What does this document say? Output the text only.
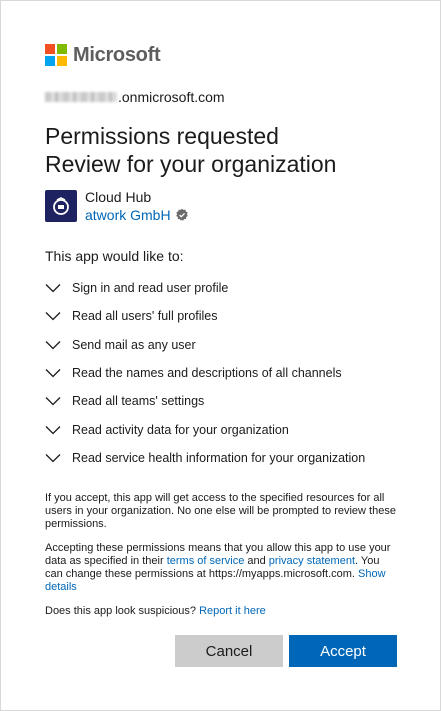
Microsoft
.onmicrosoft.com
Permissions requested
Review for your organization
Cloud Hub
atwork GmbH
This app would like to:
Sign in and read user profile
Read all users' full profiles
Send mail as any user
Read the names and descriptions of all channels
Read all teams' settings
Read activity data for your organization
Read service health information for your organization
If you accept, this app will get access to the specified resources for all users in your organization. No one else will be prompted to review these permissions.
Accepting these permissions means that you allow this app to use your data as specified in their terms of service and privacy statement. You can change these permissions at https://myapps.microsoft.com. Show details
Does this app look suspicious? Report it here
Cancel	Accept
